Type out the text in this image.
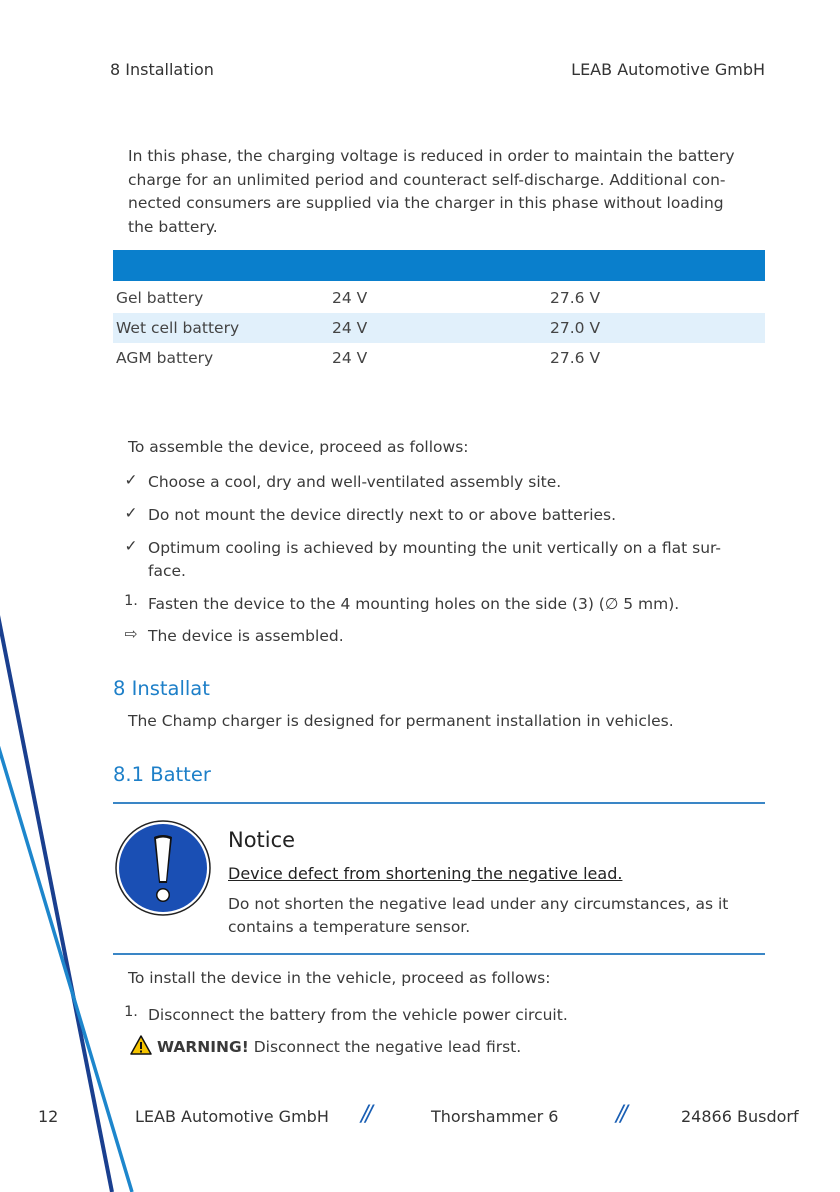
8 Installation	LEAB Automotive GmbH
In this phase, the charging voltage is reduced in order to maintain the battery
charge for an unlimited period and counteract self-discharge. Additional con-
nected consumers are supplied via the charger in this phase without loading
the battery.
Gel battery	24 V	27.6 V
Wet cell battery	24 V	27.0 V
AGM battery	24 V	27.6 V
To assemble the device, proceed as follows:
✓ Choose a cool, dry and well-ventilated assembly site.
✓ Do not mount the device directly next to or above batteries.
✓ Optimum cooling is achieved by mounting the unit vertically on a flat sur-
face.
1. Fasten the device to the 4 mounting holes on the side (3) (∅ 5 mm).
⇨ The device is assembled.
8 Installat
The Champ charger is designed for permanent installation in vehicles.
8.1 Batter
Notice
Device defect from shortening the negative lead.
Do not shorten the negative lead under any circumstances, as it
contains a temperature sensor.
To install the device in the vehicle, proceed as follows:
1. Disconnect the battery from the vehicle power circuit.
WARNING! Disconnect the negative lead first.
12	LEAB Automotive GmbH //	Thorshammer 6	//	24866 Busdorf
